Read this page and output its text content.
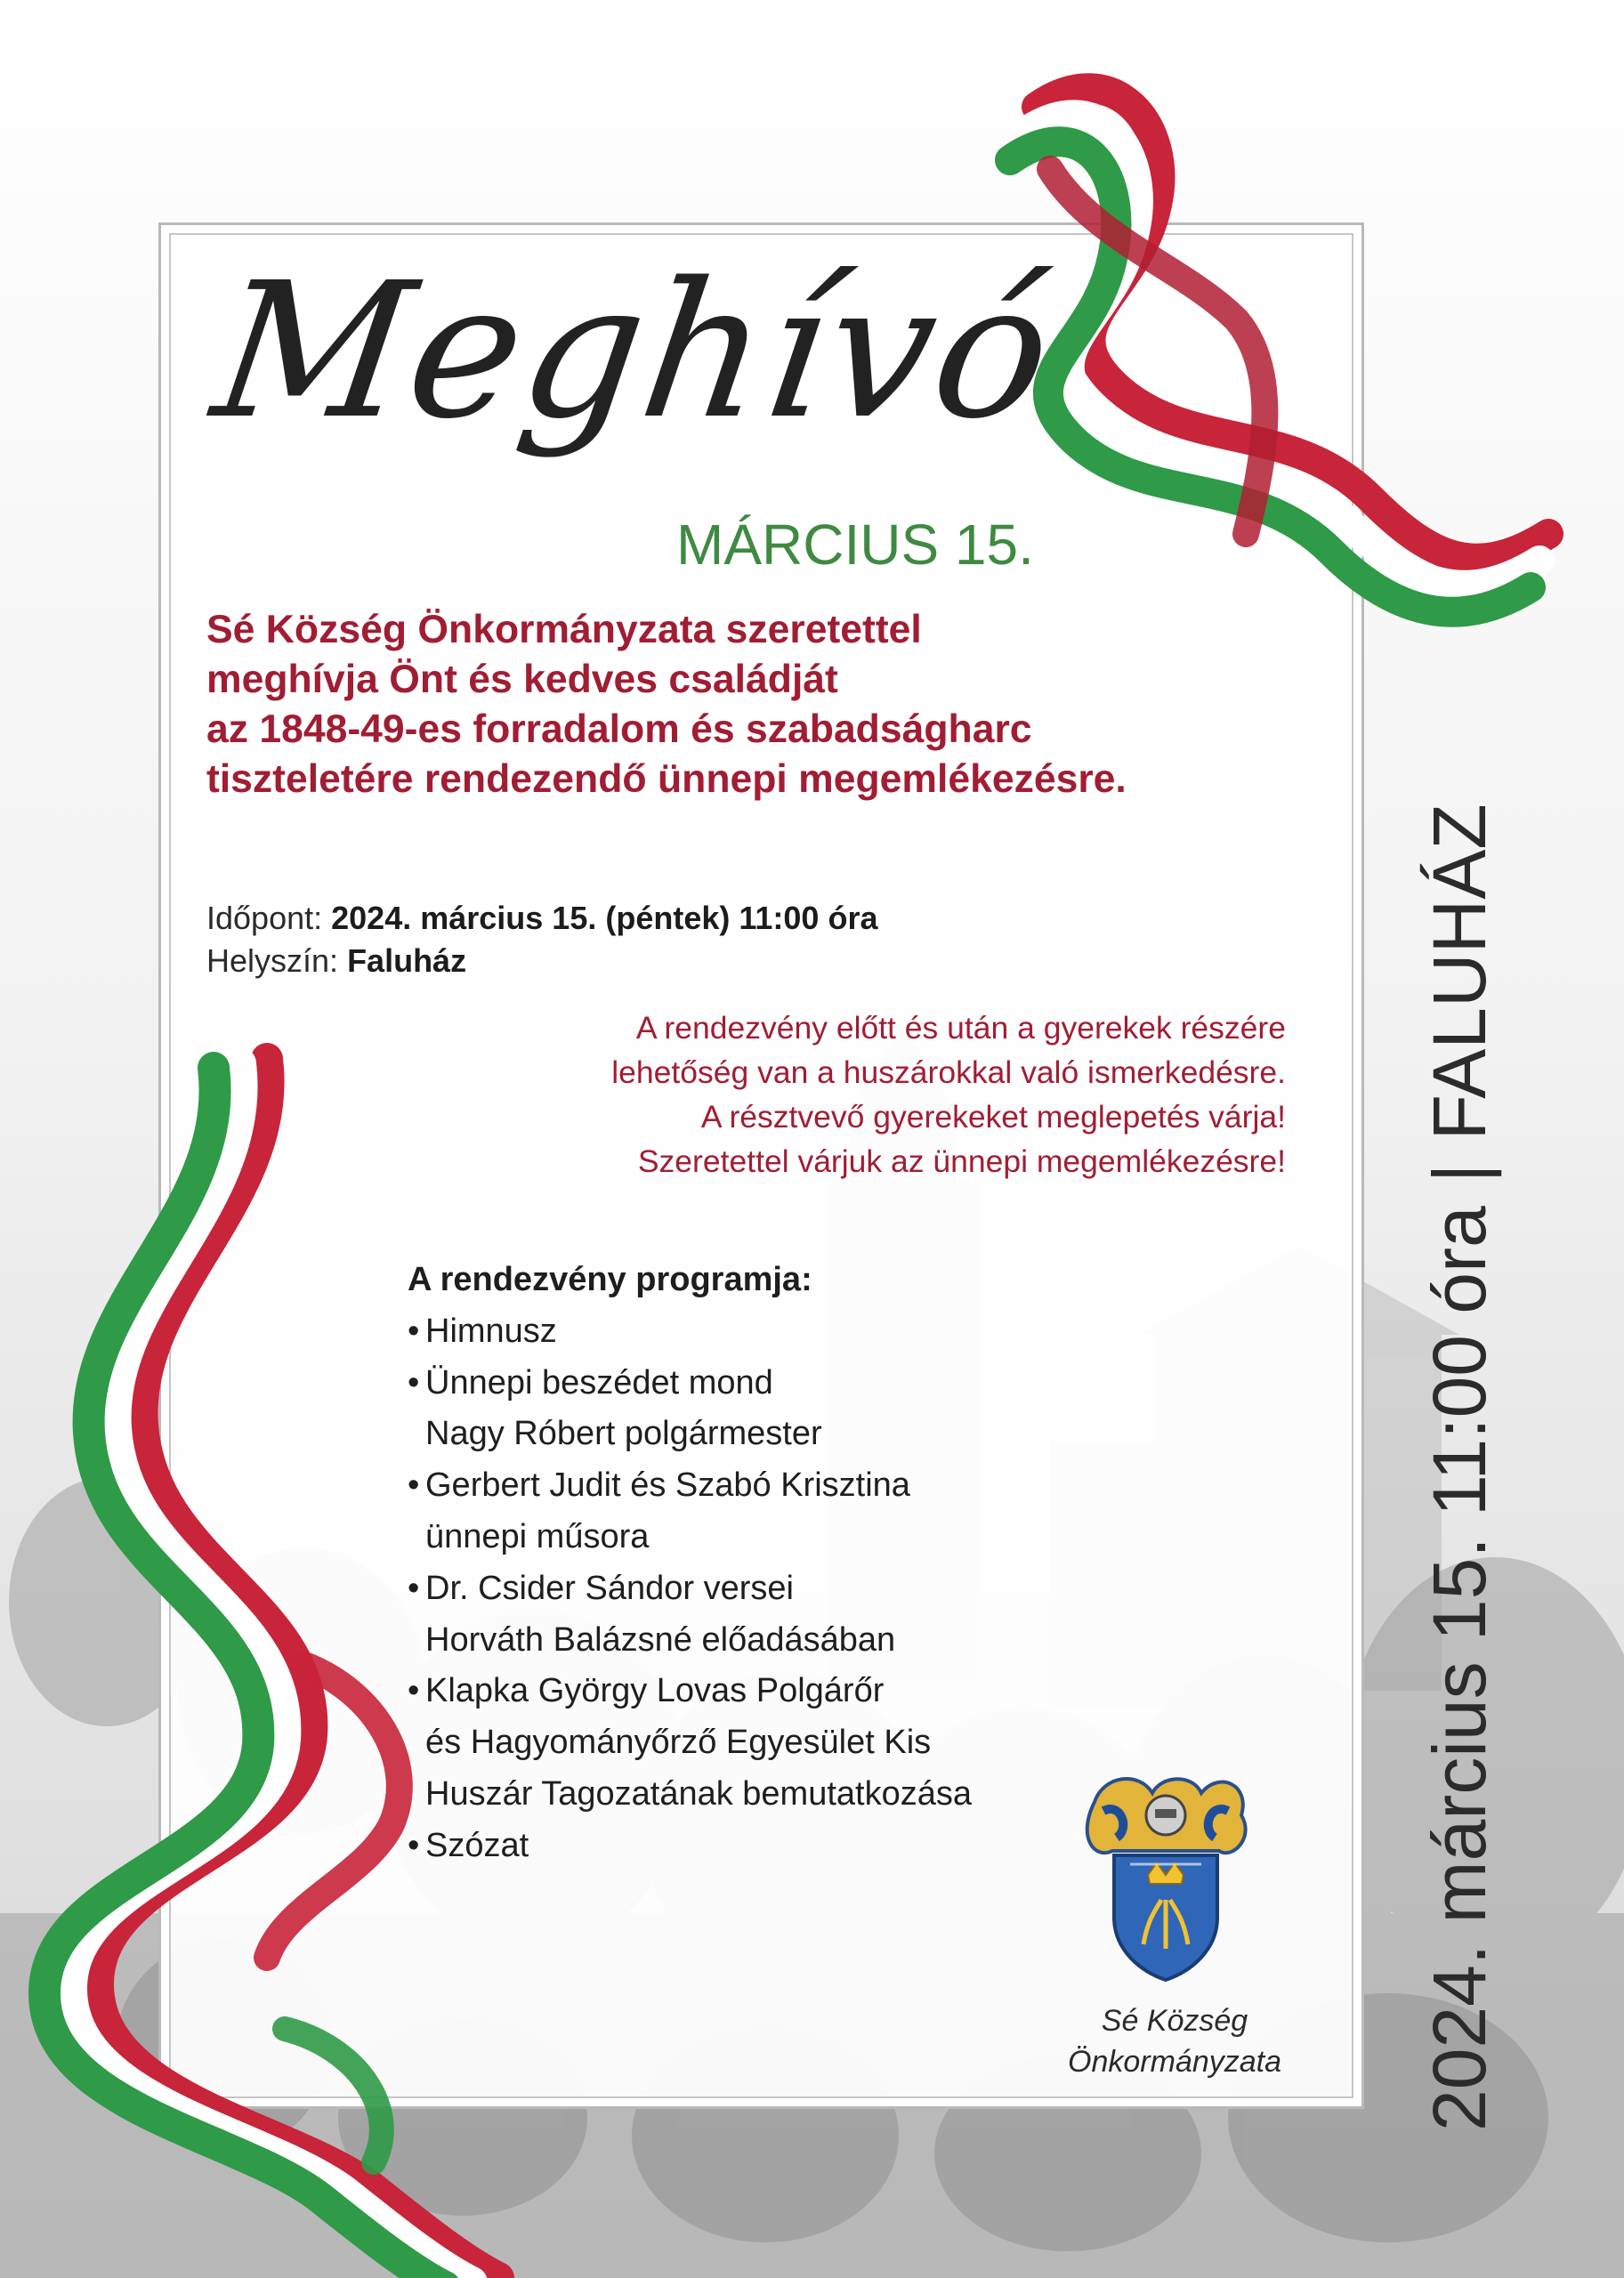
Meghívó
MÁRCIUS 15.
Sé Község Önkormányzata szeretettel
meghívja Önt és kedves családját
az 1848-49-es forradalom és szabadságharc
tiszteletére rendezendő ünnepi megemlékezésre.
Időpont: 2024. március 15. (péntek) 11:00 óra
Helyszín: Faluház
A rendezvény előtt és után a gyerekek részére
lehetőség van a huszárokkal való ismerkedésre.
A résztvevő gyerekeket meglepetés várja!
Szeretettel várjuk az ünnepi megemlékezésre!
A rendezvény programja:
• Himnusz
• Ünnepi beszédet mond
Nagy Róbert polgármester
• Gerbert Judit és Szabó Krisztina
ünnepi műsora
• Dr. Csider Sándor versei
Horváth Balázsné előadásában
• Klapka György Lovas Polgárőr
és Hagyományőrző Egyesület Kis
Huszár Tagozatának bemutatkozása
• Szózat
Sé Község
Önkormányzata	2024. március 15. 11:00 óra|FALUHÁZ
